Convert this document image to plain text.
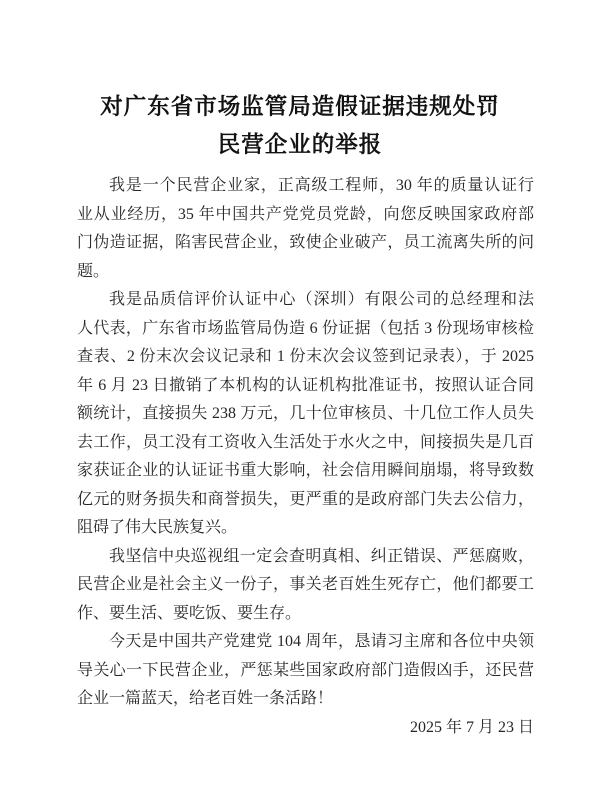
对广东省市场监管局造假证据违规处罚
民营企业的举报
我是一个民营企业家，正高级工程师，30 年的质量认证行
业从业经历，35 年中国共产党党员党龄，向您反映国家政府部
门伪造证据，陷害民营企业，致使企业破产，员工流离失所的问
题。
我是品质信评价认证中心（深圳）有限公司的总经理和法
人代表，广东省市场监管局伪造 6 份证据（包括 3 份现场审核检
查表、2 份末次会议记录和 1 份末次会议签到记录表），于 2025
年 6 月 23 日撤销了本机构的认证机构批准证书，按照认证合同
额统计，直接损失 238 万元，几十位审核员、十几位工作人员失
去工作，员工没有工资收入生活处于水火之中，间接损失是几百
家获证企业的认证证书重大影响，社会信用瞬间崩塌，将导致数
亿元的财务损失和商誉损失，更严重的是政府部门失去公信力，
阻碍了伟大民族复兴。
我坚信中央巡视组一定会查明真相、纠正错误、严惩腐败，
民营企业是社会主义一份子，事关老百姓生死存亡，他们都要工
作、要生活、要吃饭、要生存。
今天是中国共产党建党 104 周年，恳请习主席和各位中央领
导关心一下民营企业，严惩某些国家政府部门造假凶手，还民营
企业一篇蓝天，给老百姓一条活路！
2025 年 7 月 23 日
